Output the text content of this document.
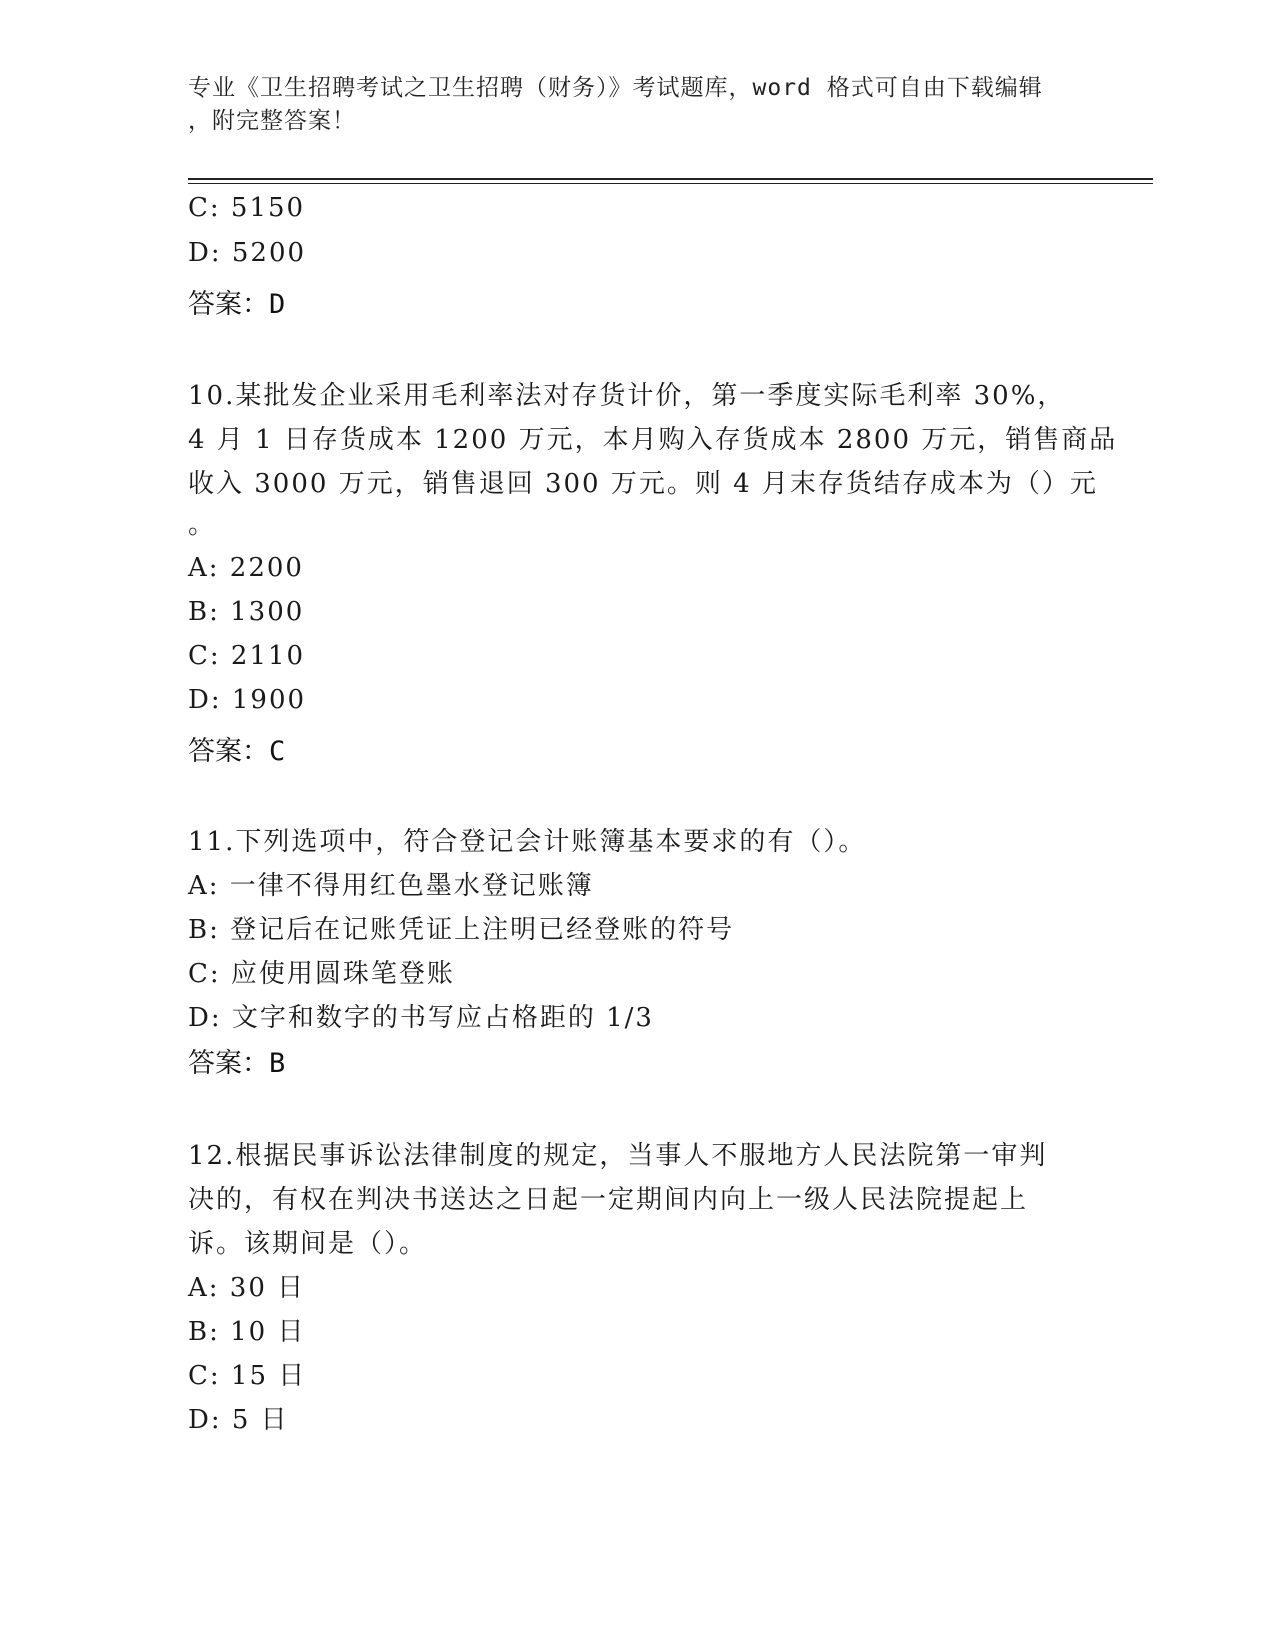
专业《卫生招聘考试之卫生招聘（财务）》考试题库，word 格式可自由下载编辑
，附完整答案！
C: 5150
D: 5200
答案：D
10.某批发企业采用毛利率法对存货计价，第一季度实际毛利率 30%，
4 月 1 日存货成本 1200 万元，本月购入存货成本 2800 万元，销售商品
收入 3000 万元，销售退回 300 万元。则 4 月末存货结存成本为（）元
。
A: 2200
B: 1300
C: 2110
D: 1900
答案：C
11.下列选项中，符合登记会计账簿基本要求的有（）。
A: 一律不得用红色墨水登记账簿
B: 登记后在记账凭证上注明已经登账的符号
C: 应使用圆珠笔登账
D: 文字和数字的书写应占格距的 1/3
答案：B
12.根据民事诉讼法律制度的规定，当事人不服地方人民法院第一审判
决的，有权在判决书送达之日起一定期间内向上一级人民法院提起上
诉。该期间是（）。
A: 30 日
B: 10 日
C: 15 日
D: 5 日
